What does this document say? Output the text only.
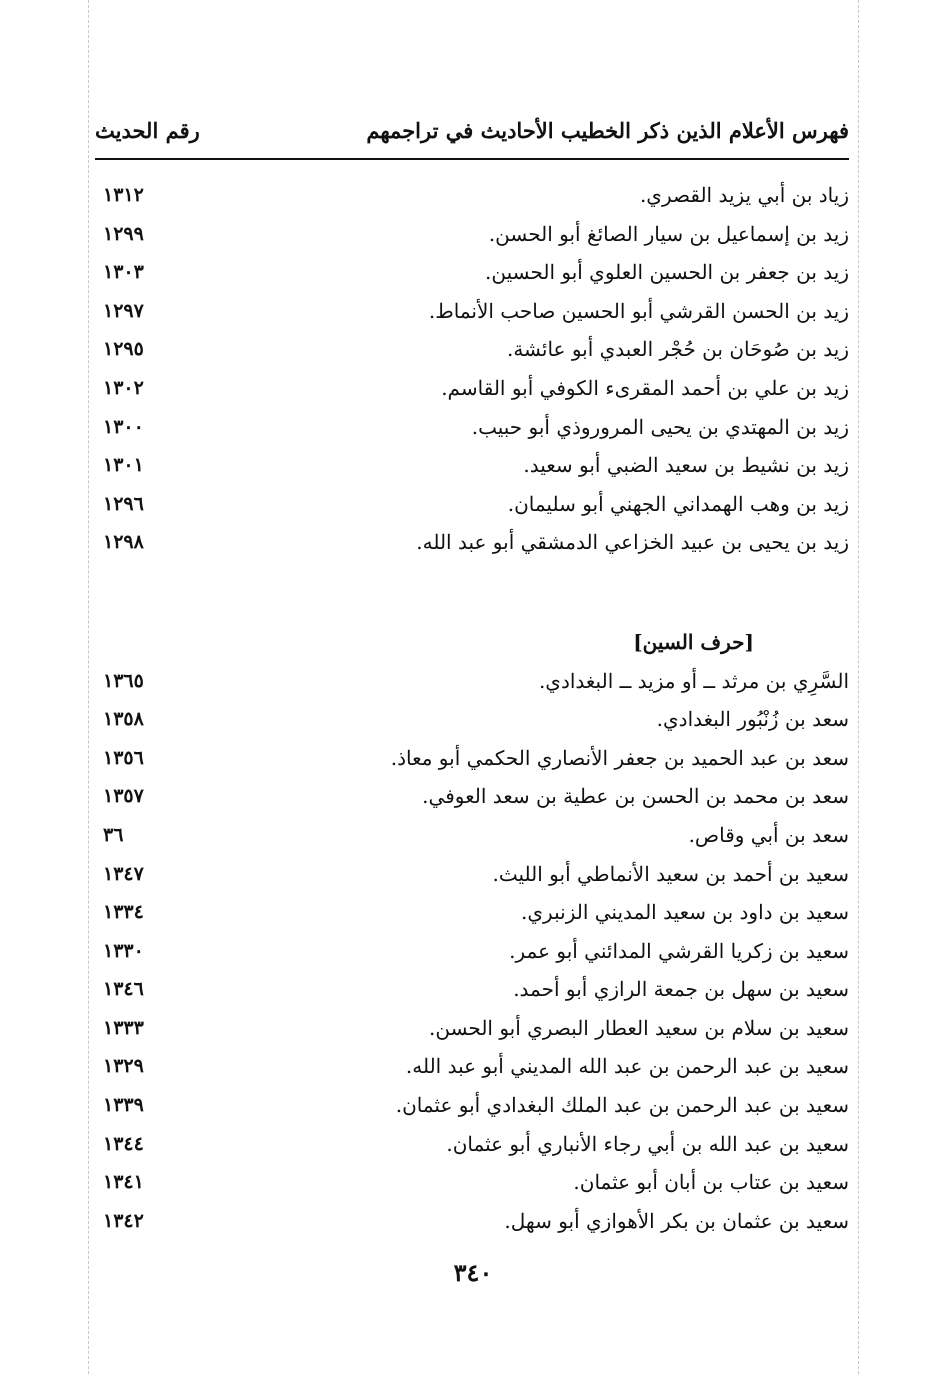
فهرس الأعلام الذين ذكر الخطيب الأحاديث في تراجمهم
رقم الحديث
زياد بن أبي يزيد القصري.
١٣١٢
زيد بن إسماعيل بن سيار الصائغ أبو الحسن.
١٢٩٩
زيد بن جعفر بن الحسين العلوي أبو الحسين.
١٣٠٣
زيد بن الحسن القرشي أبو الحسين صاحب الأنماط.
١٢٩٧
زيد بن صُوحَان بن حُجْر العبدي أبو عائشة.
١٢٩٥
زيد بن علي بن أحمد المقرىء الكوفي أبو القاسم.
١٣٠٢
زيد بن المهتدي بن يحيى المروروذي أبو حبيب.
١٣٠٠
زيد بن نشيط بن سعيد الضبي أبو سعيد.
١٣٠١
زيد بن وهب الهمداني الجهني أبو سليمان.
١٢٩٦
زيد بن يحيى بن عبيد الخزاعي الدمشقي أبو عبد الله.
١٢٩٨
[حرف السين]
السَّرِي بن مرثد ــ أو مزيد ــ البغدادي.
١٣٦٥
سعد بن زُنْبُور البغدادي.
١٣٥٨
سعد بن عبد الحميد بن جعفر الأنصاري الحكمي أبو معاذ.
١٣٥٦
سعد بن محمد بن الحسن بن عطية بن سعد العوفي.
١٣٥٧
سعد بن أبي وقاص.
٣٦
سعيد بن أحمد بن سعيد الأنماطي أبو الليث.
١٣٤٧
سعيد بن داود بن سعيد المديني الزنبري.
١٣٣٤
سعيد بن زكريا القرشي المدائني أبو عمر.
١٣٣٠
سعيد بن سهل بن جمعة الرازي أبو أحمد.
١٣٤٦
سعيد بن سلام بن سعيد العطار البصري أبو الحسن.
١٣٣٣
سعيد بن عبد الرحمن بن عبد الله المديني أبو عبد الله.
١٣٢٩
سعيد بن عبد الرحمن بن عبد الملك البغدادي أبو عثمان.
١٣٣٩
سعيد بن عبد الله بن أبي رجاء الأنباري أبو عثمان.
١٣٤٤
سعيد بن عتاب بن أبان أبو عثمان.
١٣٤١
سعيد بن عثمان بن بكر الأهوازي أبو سهل.
١٣٤٢
٣٤٠
